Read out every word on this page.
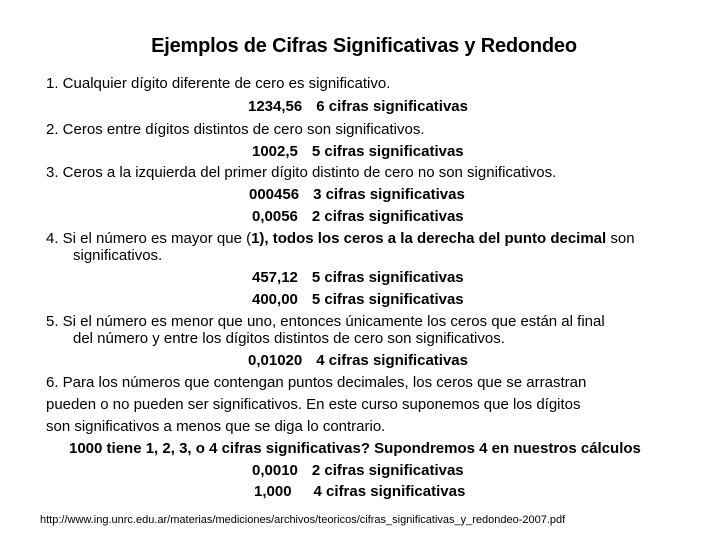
Ejemplos de Cifras Significativas y Redondeo
1. Cualquier dígito diferente de cero es significativo.
1234,56 6 cifras significativas
2. Ceros entre dígitos distintos de cero son significativos.
1002,5 5 cifras significativas
3. Ceros a la izquierda del primer dígito distinto de cero no son significativos.
000456 3 cifras significativas
0,0056 2 cifras significativas
4. Si el número es mayor que (1), todos los ceros a la derecha del punto decimal son
significativos.
457,12 5 cifras significativas
400,00 5 cifras significativas
5. Si el número es menor que uno, entonces únicamente los ceros que están al final
del número y entre los dígitos distintos de cero son significativos.
0,01020 4 cifras significativas
6. Para los números que contengan puntos decimales, los ceros que se arrastran
pueden o no pueden ser significativos. En este curso suponemos que los dígitos
son significativos a menos que se diga lo contrario.
1000 tiene 1, 2, 3, o 4 cifras significativas? Supondremos 4 en nuestros cálculos
0,0010 2 cifras significativas
1,000 4 cifras significativas
http://www.ing.unrc.edu.ar/materias/mediciones/archivos/teoricos/cifras_significativas_y_redondeo-2007.pdf
